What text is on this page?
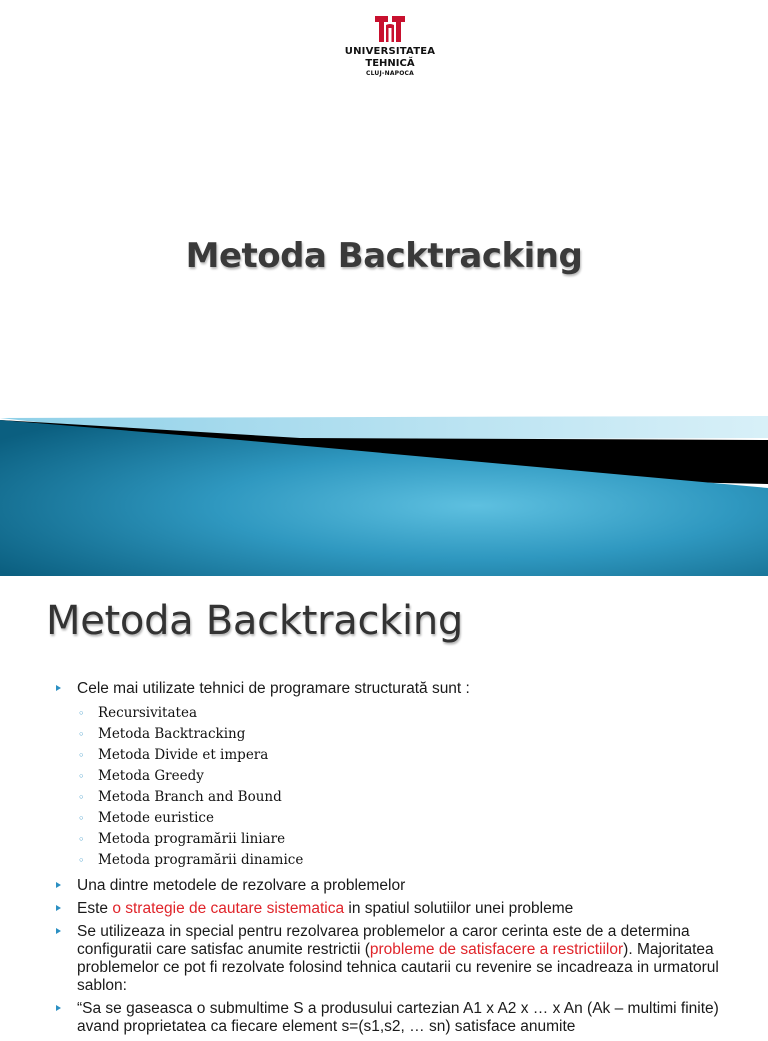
UNIVERSITATEA
TEHNICĂ
CLUJ-NAPOCA
Metoda Backtracking
Metoda Backtracking
Cele mai utilizate tehnici de programare structurată sunt :
◦ Recursivitatea
◦ Metoda Backtracking
◦ Metoda Divide et impera
◦ Metoda Greedy
◦ Metoda Branch and Bound
◦ Metode euristice
◦ Metoda programării liniare
◦ Metoda programării dinamice
Una dintre metodele de rezolvare a problemelor
Este o strategie de cautare sistematica in spatiul solutiilor unei probleme
Se utilizeaza in special pentru rezolvarea problemelor a caror cerinta este de a determina configuratii care satisfac anumite restrictii (probleme de satisfacere a restrictiilor). Majoritatea problemelor ce pot fi rezolvate folosind tehnica cautarii cu revenire se incadreaza in urmatorul sablon:
“Sa se gaseasca o submultime S a produsului cartezian A1 x A2 x … x An (Ak – multimi finite) avand proprietatea ca fiecare element s=(s1,s2, … sn) satisface anumite
